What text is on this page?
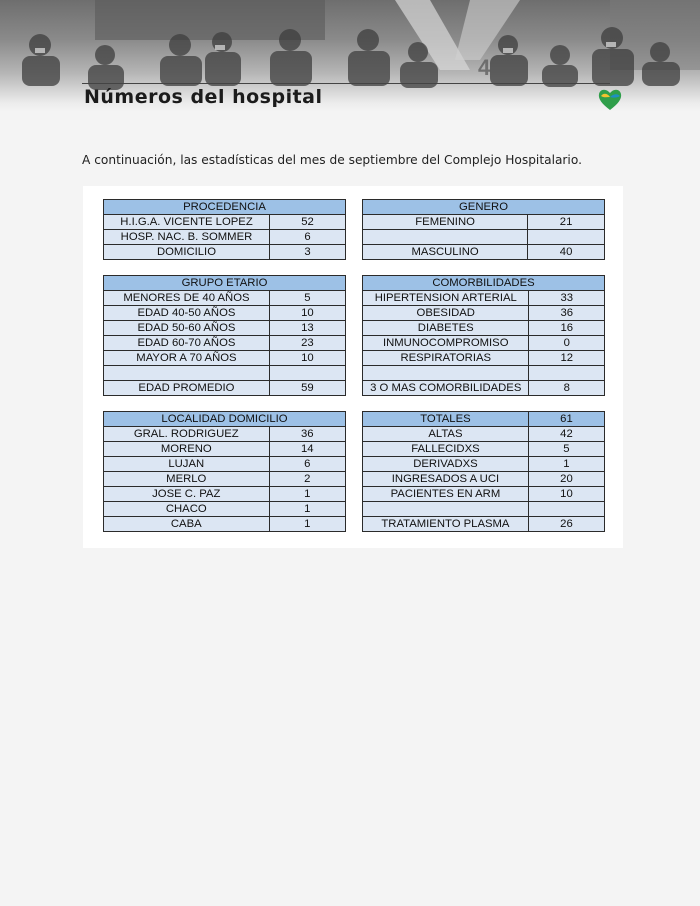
4
Números del hospital

A continuación, las estadísticas del mes de septiembre del Complejo Hospitalario.

PROCEDENCIA	
H.I.G.A. VICENTE LOPEZ	52
HOSP. NAC. B. SOMMER	6
DOMICILIO	3
GENERO	
FEMENINO	21

MASCULINO	40
GRUPO ETARIO	
MENORES DE 40 AÑOS	5
EDAD 40-50 AÑOS	10
EDAD 50-60 AÑOS	13
EDAD 60-70 AÑOS	23
MAYOR A 70 AÑOS	10

EDAD PROMEDIO	59
COMORBILIDADES	
HIPERTENSION ARTERIAL	33
OBESIDAD	36
DIABETES	16
INMUNOCOMPROMISO	0
RESPIRATORIAS	12

3 O MAS COMORBILIDADES	8
LOCALIDAD DOMICILIO	
GRAL. RODRIGUEZ	36
MORENO	14
LUJAN	6
MERLO	2
JOSE C. PAZ	1
CHACO	1
CABA	1
TOTALES	61
ALTAS	42
FALLECIDXS	5
DERIVADXS	1
INGRESADOS A UCI	20
PACIENTES EN ARM	10

TRATAMIENTO PLASMA	26
